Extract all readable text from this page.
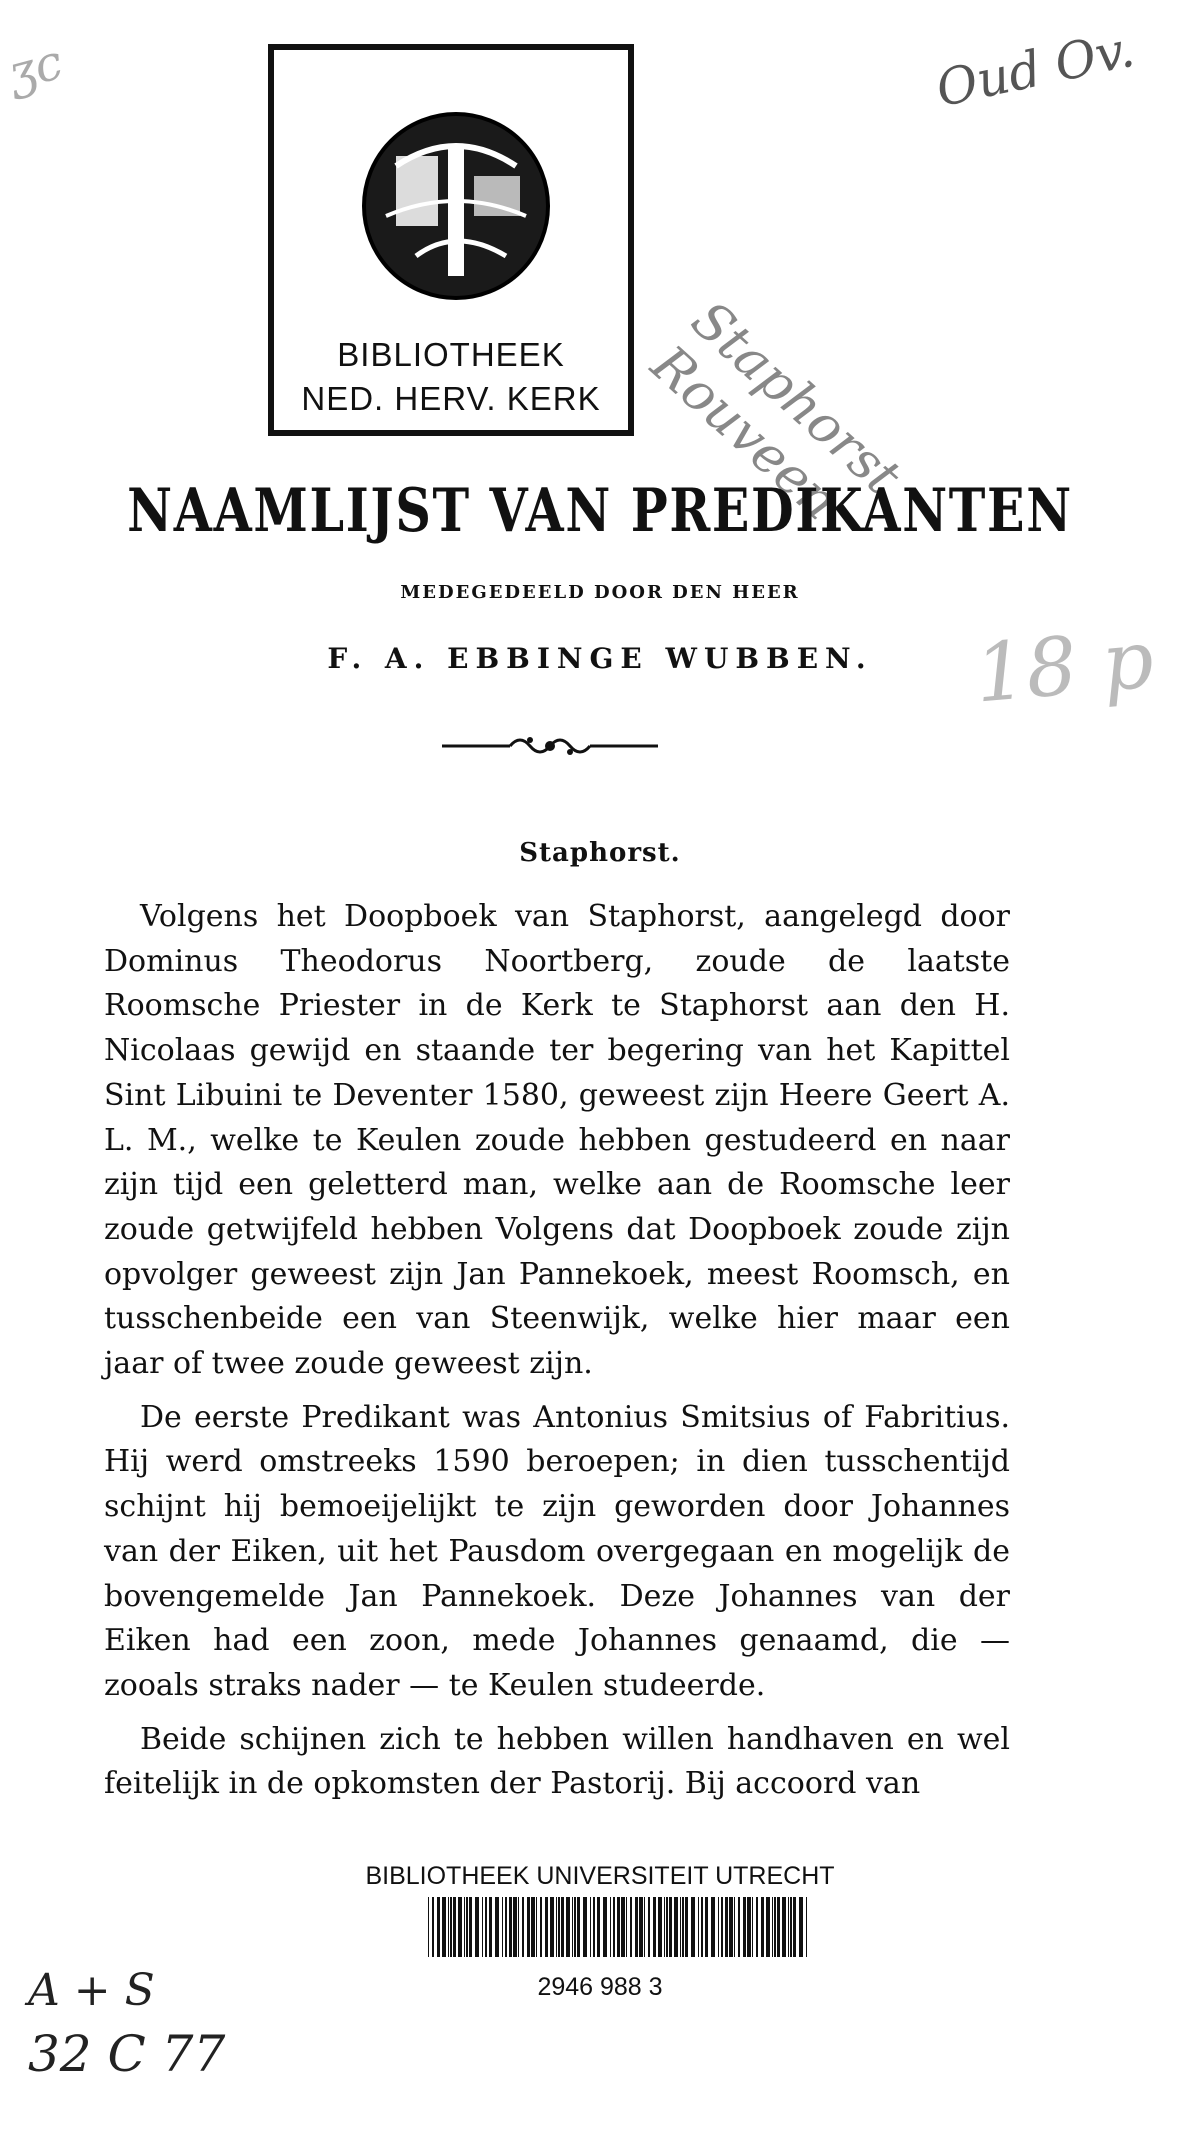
ʒc	Oud Ov.
Staphorst Rouveen
18 p
BIBLIOTHEEK
NED. HERV. KERK
NAAMLIJST VAN PREDIKANTEN
MEDEGEDEELD DOOR DEN HEER
F. A. EBBINGE WUBBEN.
Staphorst.

Volgens het Doopboek van Staphorst, aangelegd door Dominus Theodorus Noortberg, zoude de laatste Roomsche Priester in de Kerk te Staphorst aan den H. Nicolaas gewijd en staande ter begering van het Kapittel Sint Libuini te Deventer 1580, geweest zijn Heere Geert A. L. M., welke te Keulen zoude hebben gestudeerd en naar zijn tijd een geletterd man, welke aan de Roomsche leer zoude getwijfeld hebben Volgens dat Doopboek zoude zijn opvolger geweest zijn Jan Pannekoek, meest Roomsch, en tusschenbeide een van Steenwijk, welke hier maar een jaar of twee zoude geweest zijn.

De eerste Predikant was Antonius Smitsius of Fabritius. Hij werd omstreeks 1590 beroepen; in dien tusschentijd schijnt hij bemoeijelijkt te zijn geworden door Johannes van der Eiken, uit het Pausdom overgegaan en mogelijk de bovengemelde Jan Pannekoek. Deze Johannes van der Eiken had een zoon, mede Johannes genaamd, die — zooals straks nader — te Keulen studeerde.

Beide schijnen zich te hebben willen handhaven en wel feitelijk in de opkomsten der Pastorij. Bij accoord van

BIBLIOTHEEK UNIVERSITEIT UTRECHT
2946 988 3
A + S
32 C 77
